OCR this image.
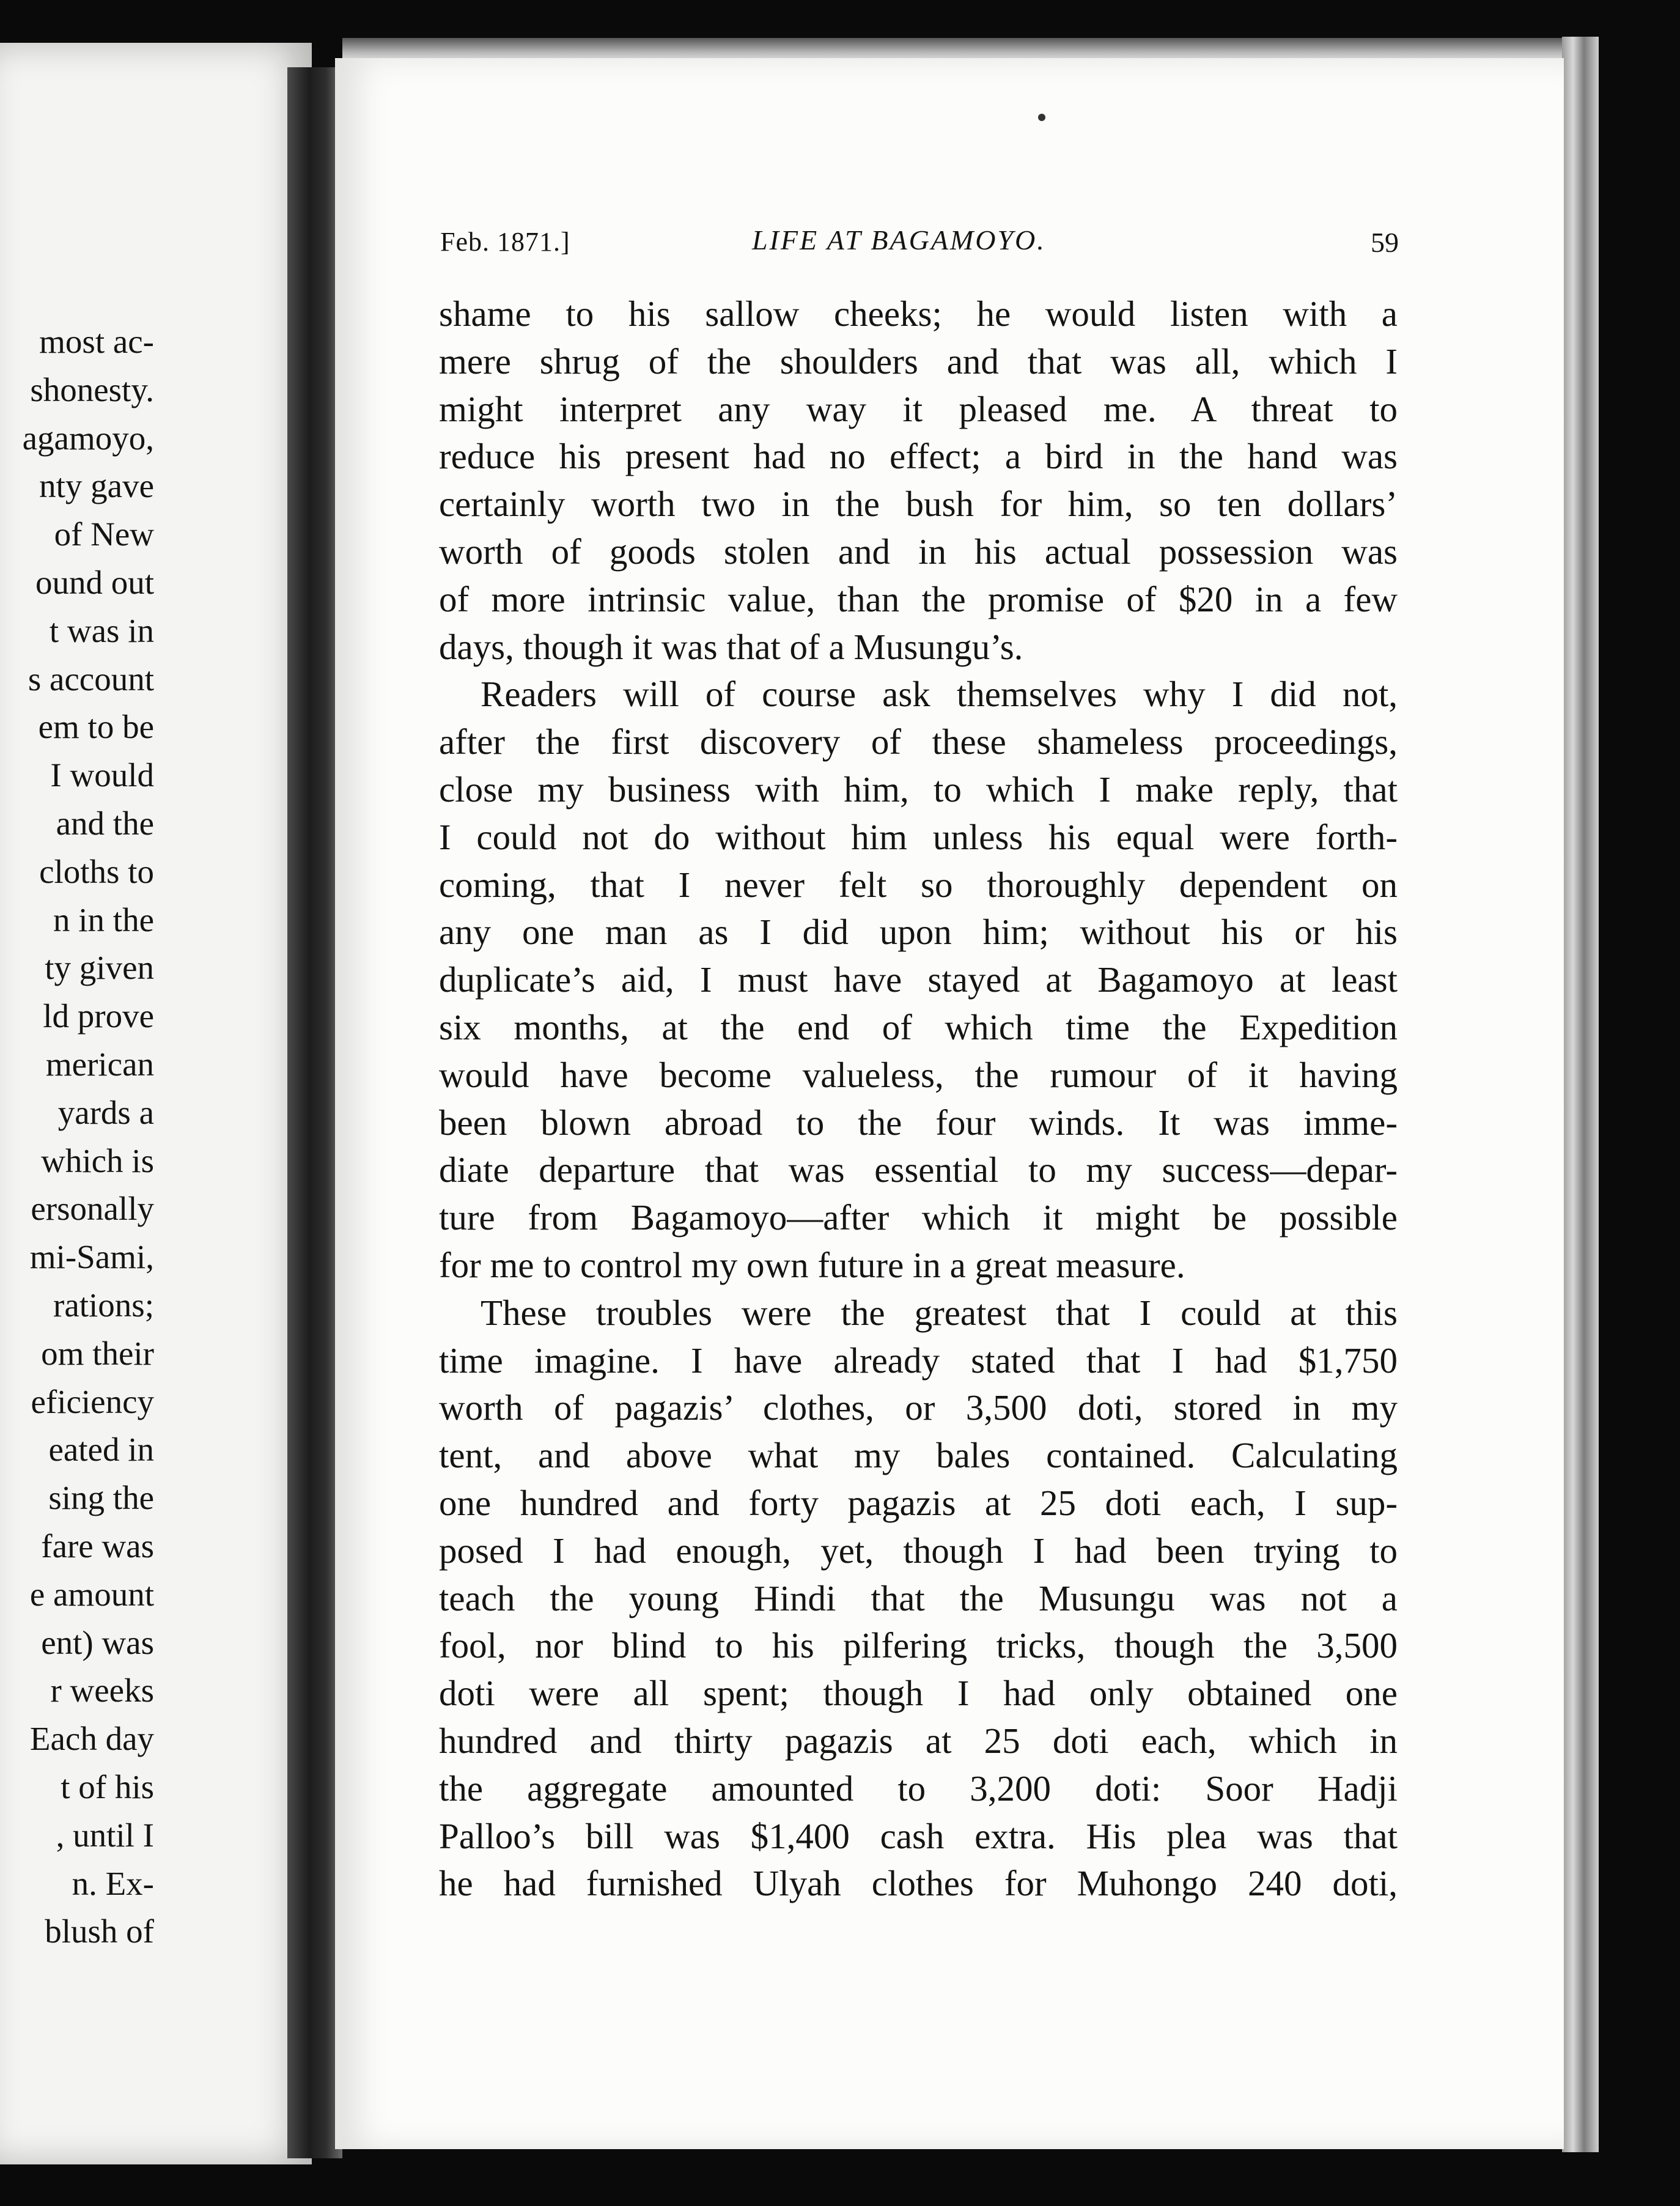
most ac-
shonesty.
agamoyo,
nty gave
of New
ound out
t was in
s account
em to be
I would
and the
cloths to
n in the
ty given
ld prove
merican
yards a
which is
ersonally
mi-Sami,
rations;
om their
eficiency
eated in
sing the
fare was
e amount
ent) was
r weeks
Each day
t of his
, until I
n. Ex-
blush of
Feb. 1871.]	LIFE AT BAGAMOYO.	59
shame to his sallow cheeks; he would listen with a
mere shrug of the shoulders and that was all, which I
might interpret any way it pleased me. A threat to
reduce his present had no effect; a bird in the hand was
certainly worth two in the bush for him, so ten dollars’
worth of goods stolen and in his actual possession was
of more intrinsic value, than the promise of $20 in a few
days, though it was that of a Musungu’s.
Readers will of course ask themselves why I did not,
after the first discovery of these shameless proceedings,
close my business with him, to which I make reply, that
I could not do without him unless his equal were forth-
coming, that I never felt so thoroughly dependent on
any one man as I did upon him; without his or his
duplicate’s aid, I must have stayed at Bagamoyo at least
six months, at the end of which time the Expedition
would have become valueless, the rumour of it having
been blown abroad to the four winds. It was imme-
diate departure that was essential to my success—depar-
ture from Bagamoyo—after which it might be possible
for me to control my own future in a great measure.
These troubles were the greatest that I could at this
time imagine. I have already stated that I had $1,750
worth of pagazis’ clothes, or 3,500 doti, stored in my
tent, and above what my bales contained. Calculating
one hundred and forty pagazis at 25 doti each, I sup-
posed I had enough, yet, though I had been trying to
teach the young Hindi that the Musungu was not a
fool, nor blind to his pilfering tricks, though the 3,500
doti were all spent; though I had only obtained one
hundred and thirty pagazis at 25 doti each, which in
the aggregate amounted to 3,200 doti: Soor Hadji
Palloo’s bill was $1,400 cash extra. His plea was that
he had furnished Ulyah clothes for Muhongo 240 doti,
